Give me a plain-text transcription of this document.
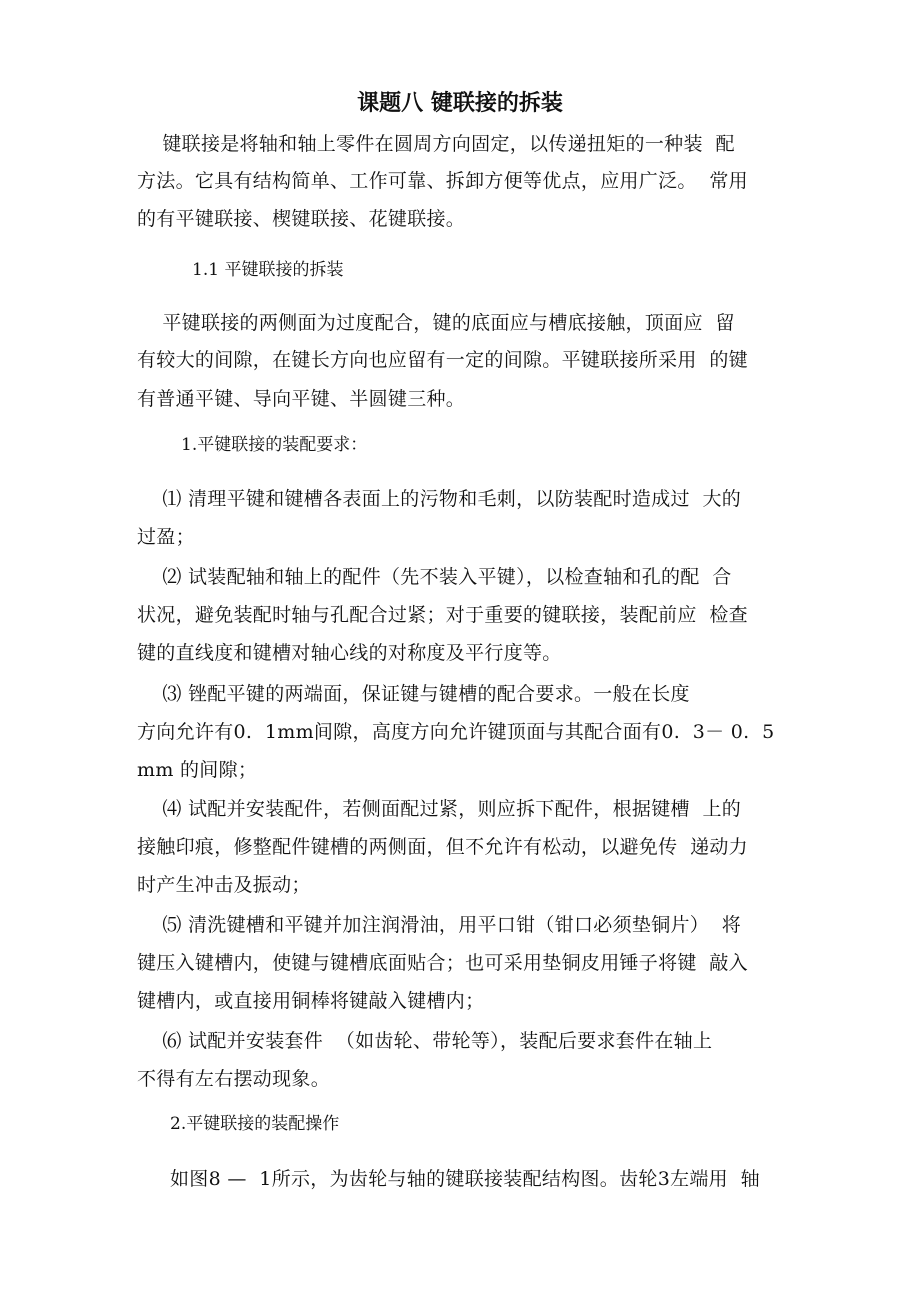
课题八 键联接的拆装
键联接是将轴和轴上零件在圆周方向固定，以传递扭矩的一种装  配
方法。它具有结构简单、工作可靠、拆卸方便等优点，应用广泛。  常用
的有平键联接、楔键联接、花键联接。
1.1 平键联接的拆装
平键联接的两侧面为过度配合，键的底面应与槽底接触，顶面应  留
有较大的间隙，在键长方向也应留有一定的间隙。平键联接所采用  的键
有普通平键、导向平键、半圆键三种。
1.平键联接的装配要求：
⑴ 清理平键和键槽各表面上的污物和毛刺，以防装配时造成过  大的
过盈；
⑵ 试装配轴和轴上的配件（先不装入平键），以检查轴和孔的配  合
状况，避免装配时轴与孔配合过紧；对于重要的键联接，装配前应  检查
键的直线度和键槽对轴心线的对称度及平行度等。
⑶ 锉配平键的两端面，保证键与键槽的配合要求。一般在长度
方向允许有0.  1mm间隙，高度方向允许键顶面与其配合面有0.  3－ 0.  5
mm 的间隙；
⑷ 试配并安装配件，若侧面配过紧，则应拆下配件，根据键槽  上的
接触印痕，修整配件键槽的两侧面，但不允许有松动，以避免传  递动力
时产生冲击及振动；
⑸ 清洗键槽和平键并加注润滑油，用平口钳（钳口必须垫铜片）  将
键压入键槽内，使键与键槽底面贴合；也可采用垫铜皮用锤子将键  敲入
键槽内，或直接用铜棒将键敲入键槽内；
⑹ 试配并安装套件  （如齿轮、带轮等），装配后要求套件在轴上
不得有左右摆动现象。
2.平键联接的装配操作
如图8 —  1所示，为齿轮与轴的键联接装配结构图。齿轮3左端用  轴
